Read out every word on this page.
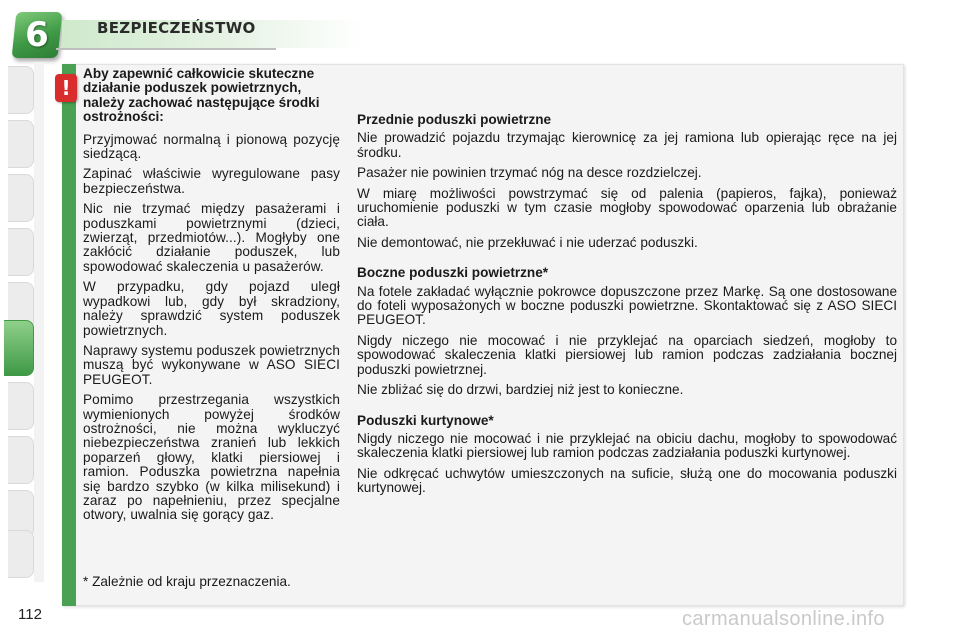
6	BEZPIECZEŃSTWO
!
Aby zapewnić całkowicie skuteczne działanie poduszek powietrznych, należy zachować następujące środki ostrożności:

Przyjmować normalną i pionową pozycję siedzącą.

Zapinać właściwie wyregulowane pasy bezpieczeństwa.

Nic nie trzymać między pasażerami i poduszkami powietrznymi (dzieci, zwierząt, przedmiotów...). Mogłyby one zakłócić działanie poduszek, lub spowodować skaleczenia u pasażerów.

W przypadku, gdy pojazd uległ wypadkowi lub, gdy był skradziony, należy sprawdzić system poduszek powietrznych.

Naprawy systemu poduszek powietrznych muszą być wykonywane w ASO SIECI PEUGEOT.

Pomimo przestrzegania wszystkich wymienionych powyżej środków ostrożności, nie można wykluczyć niebezpieczeństwa zranień lub lekkich poparzeń głowy, klatki piersiowej i ramion. Poduszka powietrzna napełnia się bardzo szybko (w kilka milisekund) i zaraz po napełnieniu, przez specjalne otwory, uwalnia się gorący gaz.

Przednie poduszki powietrzne

Nie prowadzić pojazdu trzymając kierownicę za jej ramiona lub opierając ręce na jej środku.

Pasażer nie powinien trzymać nóg na desce rozdzielczej.

W miarę możliwości powstrzymać się od palenia (papieros, fajka), ponieważ uruchomienie poduszki w tym czasie mogłoby spowodować oparzenia lub obrażanie ciała.

Nie demontować, nie przekłuwać i nie uderzać poduszki.

Boczne poduszki powietrzne*

Na fotele zakładać wyłącznie pokrowce dopuszczone przez Markę. Są one dostosowane do foteli wyposażonych w boczne poduszki powietrzne. Skontaktować się z ASO SIECI PEUGEOT.

Nigdy niczego nie mocować i nie przyklejać na oparciach siedzeń, mogłoby to spowodować skaleczenia klatki piersiowej lub ramion podczas zadziałania bocznej poduszki powietrznej.

Nie zbliżać się do drzwi, bardziej niż jest to konieczne.

Poduszki kurtynowe*

Nigdy niczego nie mocować i nie przyklejać na obiciu dachu, mogłoby to spowodować skaleczenia klatki piersiowej lub ramion podczas zadziałania poduszki kurtynowej.

Nie odkręcać uchwytów umieszczonych na suficie, służą one do mocowania poduszki kurtynowej.

* Zależnie od kraju przeznaczenia.
112	carmanualsonline.info
